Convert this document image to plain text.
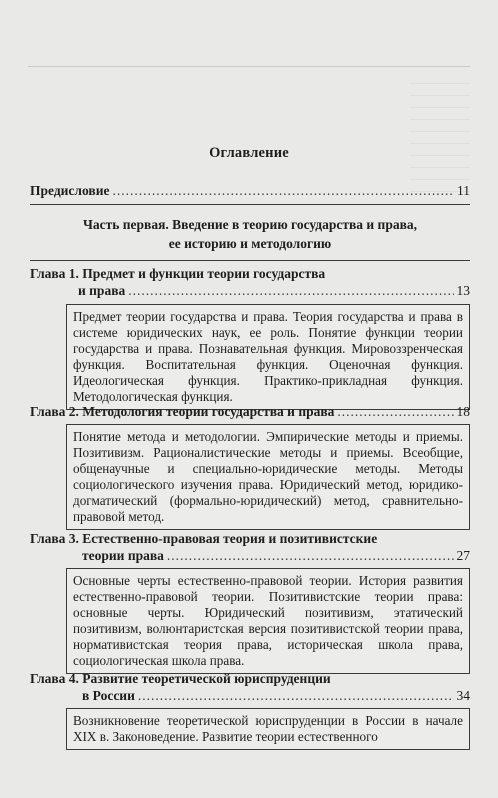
Оглавление
Предисловие .....	11
Часть первая. Введение в теорию государства и права,
ее историю и методологию
Глава 1. Предмет и функции теории государства
и права .....	13
Предмет теории государства и права. Теория государства и права в системе юридических наук, ее роль. Понятие функции теории государства и права. Познавательная функция. Мировоззренческая функция. Воспитательная функция. Оценочная функция. Идеологическая функция. Практико-прикладная функция. Методологическая функция.
Глава 2. Методология теории государства и права .....	18
Понятие метода и методологии. Эмпирические методы и приемы. Позитивизм. Рационалистические методы и приемы. Всеобщие, общенаучные и специально-юридические методы. Методы социологического изучения права. Юридический метод, юридико-догматический (формально-юридический) метод, сравнительно-правовой метод.
Глава 3. Естественно-правовая теория и позитивистские
теории права .....	27
Основные черты естественно-правовой теории. История развития естественно-правовой теории. Позитивистские теории права: основные черты. Юридический позитивизм, этатический позитивизм, волюнтаристская версия позитивистской теории права, нормативистская теория права, историческая школа права, социологическая школа права.
Глава 4. Развитие теоретической юриспруденции
в России .....	34
Возникновение теоретической юриспруденции в России в начале XIX в. Законоведение. Развитие теории естественного
